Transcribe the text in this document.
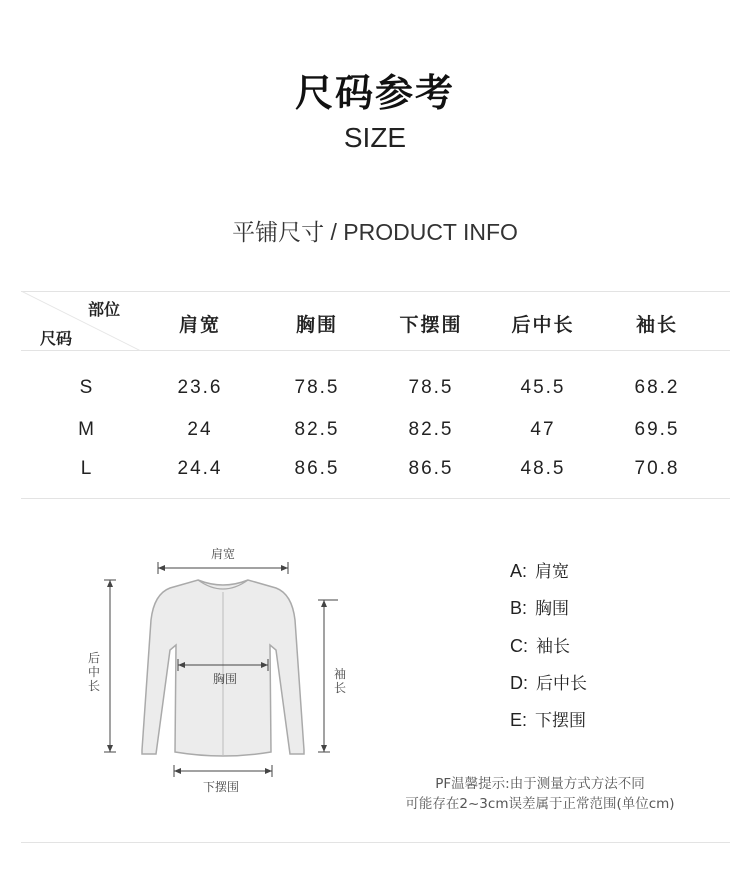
尺码参考
SIZE
平铺尺寸 / PRODUCT INFO
部位
尺码
肩宽	胸围	下摆围	后中长	袖长
S	23.6	78.5	78.5	45.5	68.2
M	24	82.5	82.5	47	69.5
L	24.4	86.5	86.5	48.5	70.8
肩宽
胸围
下摆围
后
中
长
袖
长
A: 肩宽
B: 胸围
C: 袖长
D: 后中长
E: 下摆围
PF温馨提示:由于测量方式方法不同
可能存在2~3cm误差属于正常范围(单位cm)
